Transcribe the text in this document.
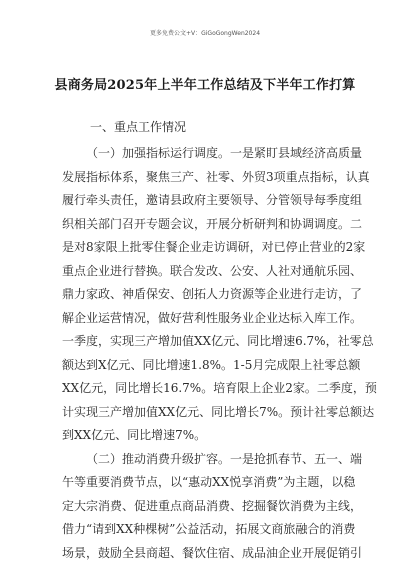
更多免费公文+V：GiGoGongWen2024
县商务局2025年上半年工作总结及下半年工作打算
一、重点工作情况
（一）加强指标运行调度。一是紧盯县域经济高质量
发展指标体系，聚焦三产、社零、外贸3项重点指标，认真
履行牵头责任，邀请县政府主要领导、分管领导每季度组
织相关部门召开专题会议，开展分析研判和协调调度。二
是对8家限上批零住餐企业走访调研，对已停止营业的2家
重点企业进行替换。联合发改、公安、人社对通航乐园、
鼎力家政、神盾保安、创拓人力资源等企业进行走访，了
解企业运营情况，做好营利性服务业企业达标入库工作。
一季度，实现三产增加值XX亿元、同比增速6.7%，社零总
额达到X亿元、同比增速1.8%。1-5月完成限上社零总额
XX亿元，同比增长16.7%。培育限上企业2家。二季度，预
计实现三产增加值XX亿元、同比增长7%。预计社零总额达
到XX亿元、同比增速7%。
（二）推动消费升级扩容。一是抢抓春节、五一、端
午等重要消费节点，以“惠动XX悦享消费”为主题，以稳
定大宗消费、促进重点商品消费、挖掘餐饮消费为主线，
借力“请到XX种棵树”公益活动，拓展文商旅融合的消费
场景，鼓励全县商超、餐饮住宿、成品油企业开展促销引
